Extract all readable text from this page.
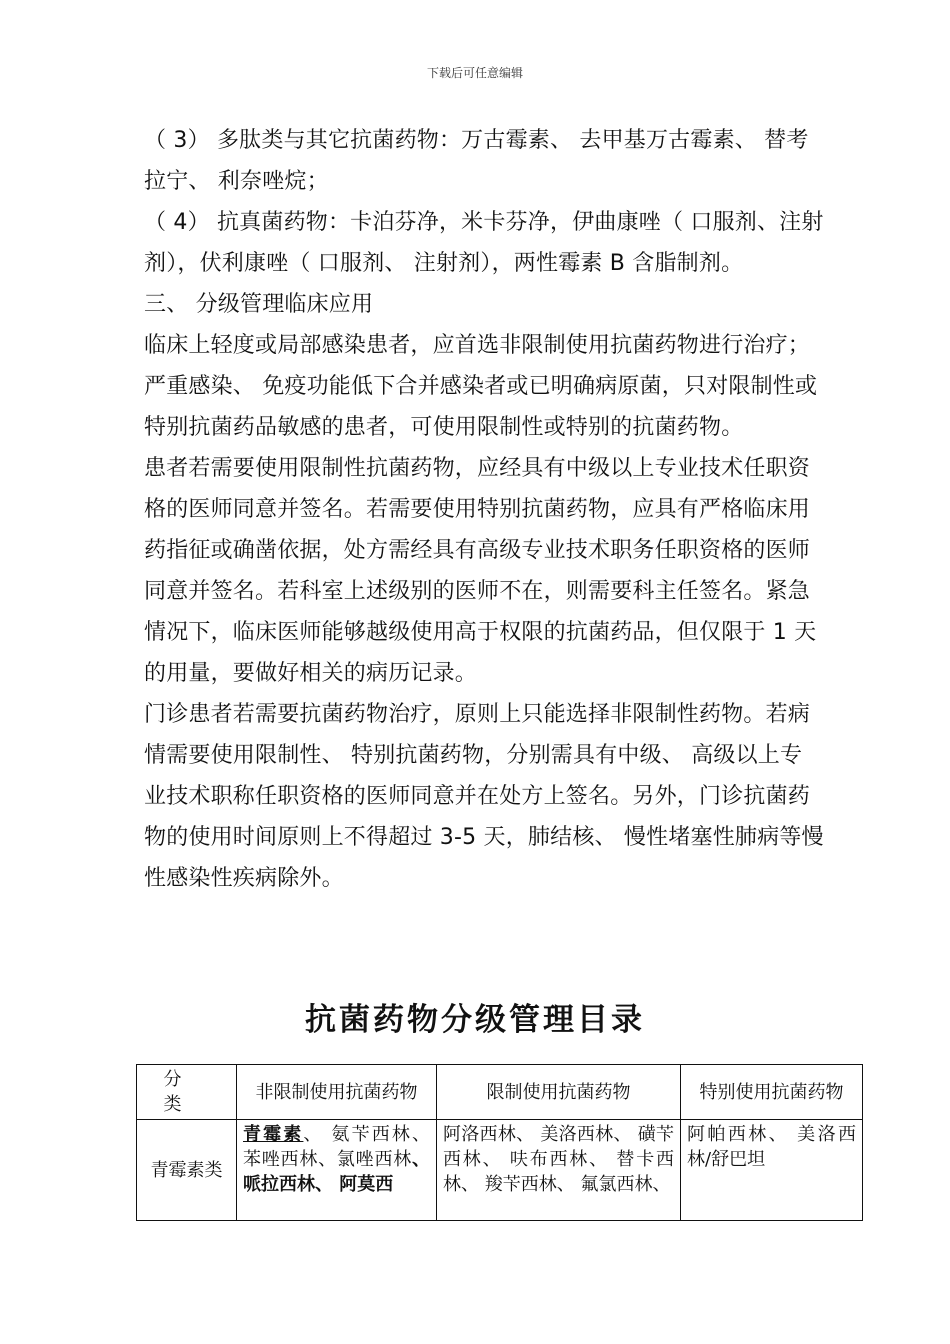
下载后可任意编辑

（ 3） 多肽类与其它抗菌药物：万古霉素、 去甲基万古霉素、 替考拉宁、 利奈唑烷；

（ 4） 抗真菌药物：卡泊芬净，米卡芬净，伊曲康唑（ 口服剂、注射剂），伏利康唑（ 口服剂、 注射剂），两性霉素 B 含脂制剂。

三、 分级管理临床应用

临床上轻度或局部感染患者，应首选非限制使用抗菌药物进行治疗；严重感染、 免疫功能低下合并感染者或已明确病原菌，只对限制性或特别抗菌药品敏感的患者，可使用限制性或特别的抗菌药物。

患者若需要使用限制性抗菌药物，应经具有中级以上专业技术任职资格的医师同意并签名。若需要使用特别抗菌药物，应具有严格临床用药指征或确凿依据，处方需经具有高级专业技术职务任职资格的医师同意并签名。若科室上述级别的医师不在，则需要科主任签名。紧急情况下，临床医师能够越级使用高于权限的抗菌药品，但仅限于 1 天的用量，要做好相关的病历记录。

门诊患者若需要抗菌药物治疗，原则上只能选择非限制性药物。若病情需要使用限制性、 特别抗菌药物，分别需具有中级、 高级以上专业技术职称任职资格的医师同意并在处方上签名。另外，门诊抗菌药物的使用时间原则上不得超过 3-5 天，肺结核、 慢性堵塞性肺病等慢性感染性疾病除外。

抗菌药物分级管理目录
分类	非限制使用抗菌药物	限制使用抗菌药物	特别使用抗菌药物
青霉素类	青霉素、 氨苄西林、 苯唑西林、氯唑西林、 哌拉西林、 阿莫西	阿洛西林、 美洛西林、 磺苄西林、 呋布西林、 替卡西林、 羧苄西林、 氟氯西林、	阿帕西林、 美洛西林/舒巴坦
